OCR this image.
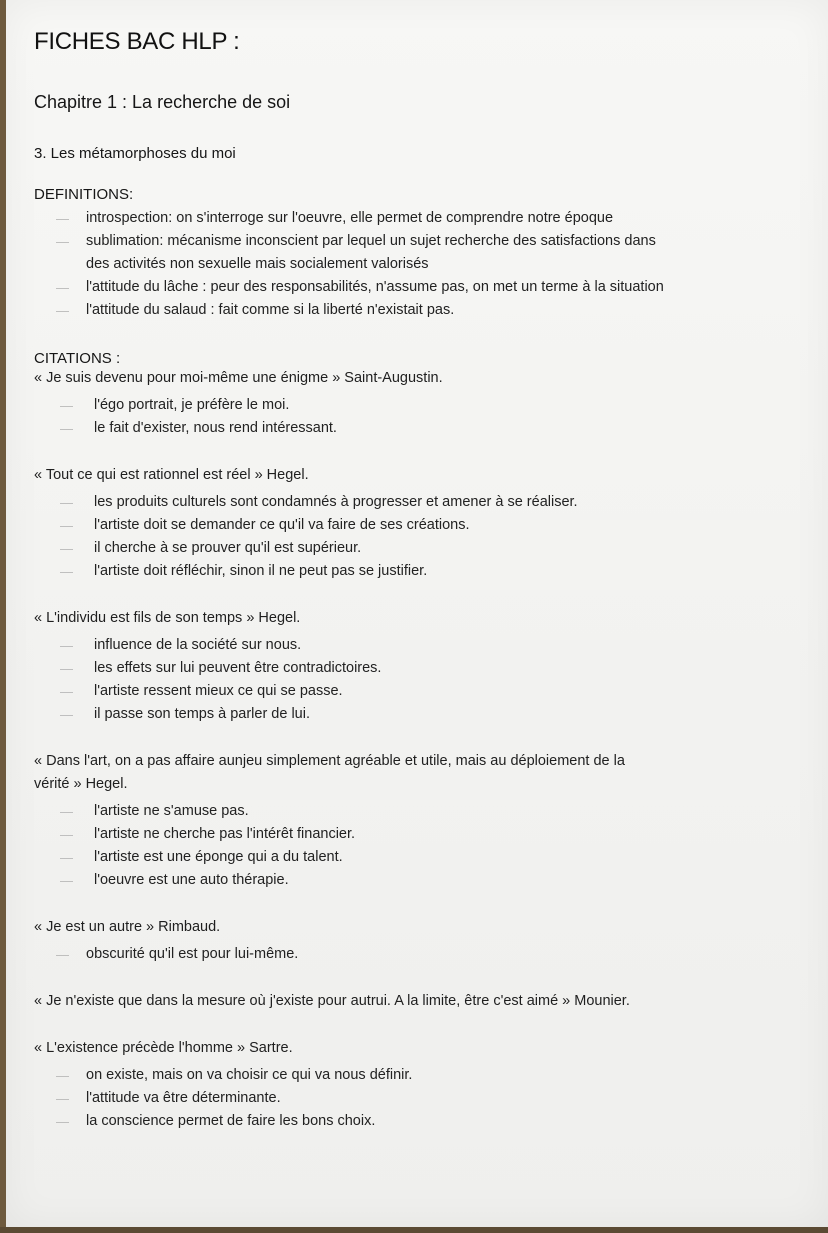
FICHES BAC HLP :
Chapitre 1 : La recherche de soi
3. Les métamorphoses du moi
DEFINITIONS:
— introspection: on s'interroge sur l'oeuvre, elle permet de comprendre notre époque
— sublimation: mécanisme inconscient par lequel un sujet recherche des satisfactions dans
des activités non sexuelle mais socialement valorisés
— l'attitude du lâche : peur des responsabilités, n'assume pas, on met un terme à la situation
— l'attitude du salaud : fait comme si la liberté n'existait pas.
CITATIONS :
« Je suis devenu pour moi-même une énigme » Saint-Augustin.
— l'égo portrait, je préfère le moi.
— le fait d'exister, nous rend intéressant.
« Tout ce qui est rationnel est réel » Hegel.
— les produits culturels sont condamnés à progresser et amener à se réaliser.
— l'artiste doit se demander ce qu'il va faire de ses créations.
— il cherche à se prouver qu'il est supérieur.
— l'artiste doit réfléchir, sinon il ne peut pas se justifier.
« L'individu est fils de son temps » Hegel.
— influence de la société sur nous.
— les effets sur lui peuvent être contradictoires.
— l'artiste ressent mieux ce qui se passe.
— il passe son temps à parler de lui.
« Dans l'art, on a pas affaire aunjeu simplement agréable et utile, mais au déploiement de la
vérité » Hegel.
— l'artiste ne s'amuse pas.
— l'artiste ne cherche pas l'intérêt financier.
— l'artiste est une éponge qui a du talent.
— l'oeuvre est une auto thérapie.
« Je est un autre » Rimbaud.
— obscurité qu'il est pour lui-même.
« Je n'existe que dans la mesure où j'existe pour autrui. A la limite, être c'est aimé » Mounier.
« L'existence précède l'homme » Sartre.
— on existe, mais on va choisir ce qui va nous définir.
— l'attitude va être déterminante.
— la conscience permet de faire les bons choix.
